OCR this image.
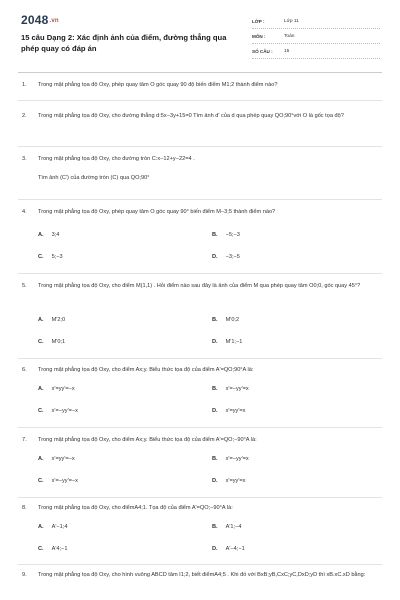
2048.vn
15 câu Dạng 2: Xác định ảnh của điểm, đường thẳng qua phép quay có đáp án
LỚP :	Lớp 11
MÔN :	Toán
SỐ CÂU :	15
1. Trong mặt phẳng tọa độ Oxy, phép quay tâm O góc quay 90 độ biến điểm M1;2 thành điểm nào?
2. Trong mặt phẳng tọa độ Oxy, cho đường thẳng d:5x−3y+15=0 Tìm ảnh d' của d qua phép quay QO;90°với O là gốc tọa độ?
3. Trong mặt phẳng tọa độ Oxy, cho đường tròn C:x−12+y−22=4 .
Tìm ảnh (C') của đường tròn (C) qua QO;90°
4. Trong mặt phẳng tọa độ Oxy, phép quay tâm O góc quay 90° biến điểm M−3;5 thành điểm nào?
A. 3;4	B. −5;−3
C. 5;−3	D. −3;−5
5. Trong mặt phẳng tọa độ Oxy, cho điểm M(1,1) . Hỏi điểm nào sau đây là ảnh của điểm M qua phép quay tâm O0;0, góc quay 45°?
A. M'2;0	B. M'0;2
C. M'0;1	D. M'1;−1
6. Trong mặt phẳng tọa độ Oxy, cho điểm Ax;y. Biểu thức tọa độ của điểm A'=QO;90°A là:
A. x'=yy'=−x	B. x'=−yy'=x
C. x'=−yy'=−x	D. x'=yy'=x
7. Trong mặt phẳng tọa độ Oxy, cho điểm Ax;y. Biểu thức tọa độ của điểm A'=QO;−90°A là:
A. x'=yy'=−x	B. x'=−yy'=x
C. x'=−yy'=−x	D. x'=yy'=x
8. Trong mặt phẳng tọa độ Oxy, cho điểmA4;1. Tọa độ của điểm A'=QO;−90°A là:
A. A'−1;4	B. A'1;−4
C. A'4;−1	D. A'−4;−1
9. Trong mặt phẳng tọa độ Oxy, cho hình vuông ABCD tâm I1;2, biết điểmA4;5 . Khi đó với Bx​B;yB,Cx​C;yC,Dx​D;yD thì xB.xC.xD bằng:
